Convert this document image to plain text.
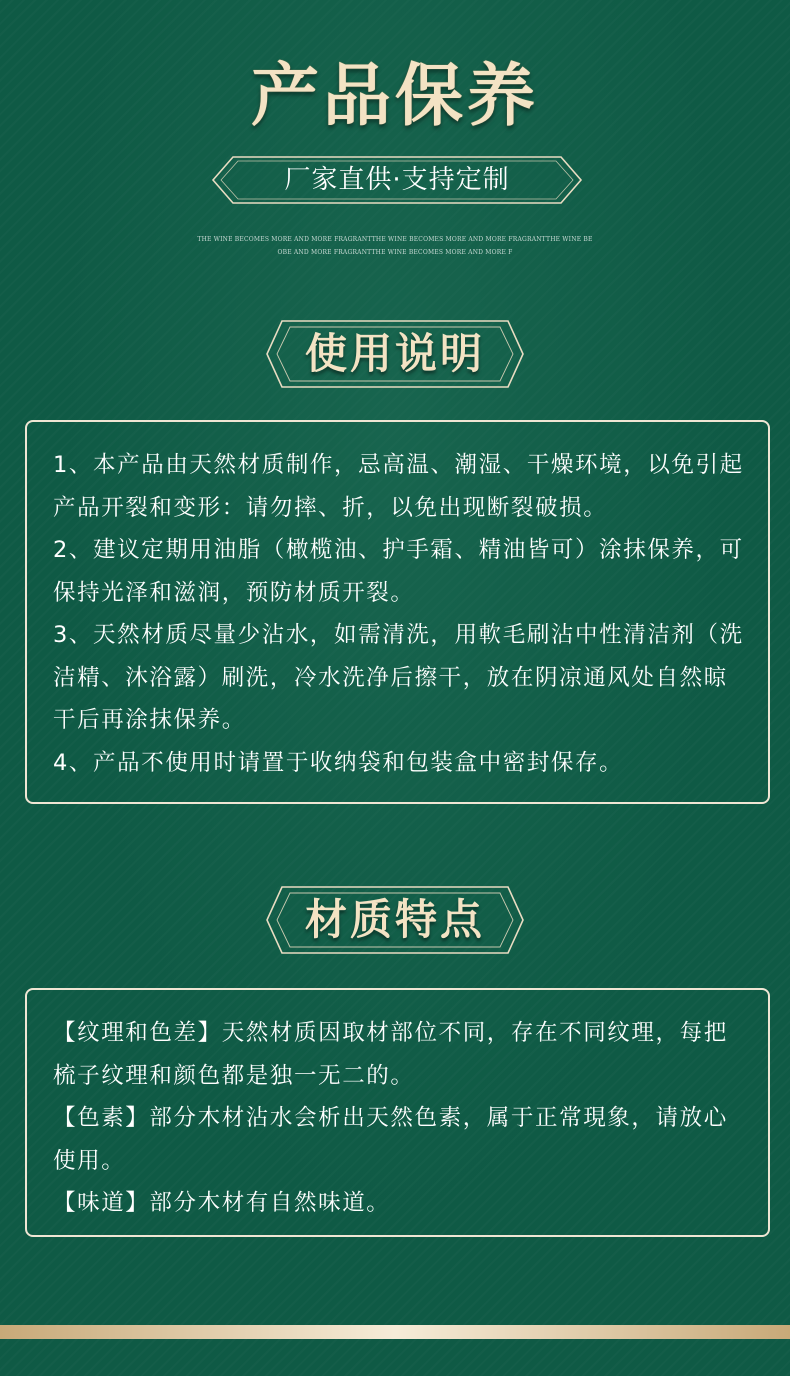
产品保养
厂家直供·支持定制
THE WINE BECOMES MORE AND MORE FRAGRANTTHE WINE BECOMES MORE AND MORE FRAGRANTTHE WINE BE
OBE AND MORE FRAGRANTTHE WINE BECOMES MORE AND MORE F
使用说明

1、本产品由天然材质制作，忌高温、潮湿、干燥环境，以免引起产品开裂和变形：请勿摔、折，以免出现断裂破损。

2、建议定期用油脂（橄榄油、护手霜、精油皆可）涂抹保养，可保持光泽和滋润，预防材质开裂。

3、天然材质尽量少沾水，如需清洗，用軟毛刷沾中性清洁剂（洗洁精、沐浴露）刷洗，冷水洗净后擦干，放在阴凉通风处自然晾干后再涂抹保养。

4、产品不使用时请置于收纳袋和包装盒中密封保存。

材质特点

【纹理和色差】天然材质因取材部位不同，存在不同纹理，每把梳子纹理和颜色都是独一无二的。

【色素】部分木材沾水会析出天然色素，属于正常現象，请放心使用。

【味道】部分木材有自然味道。
